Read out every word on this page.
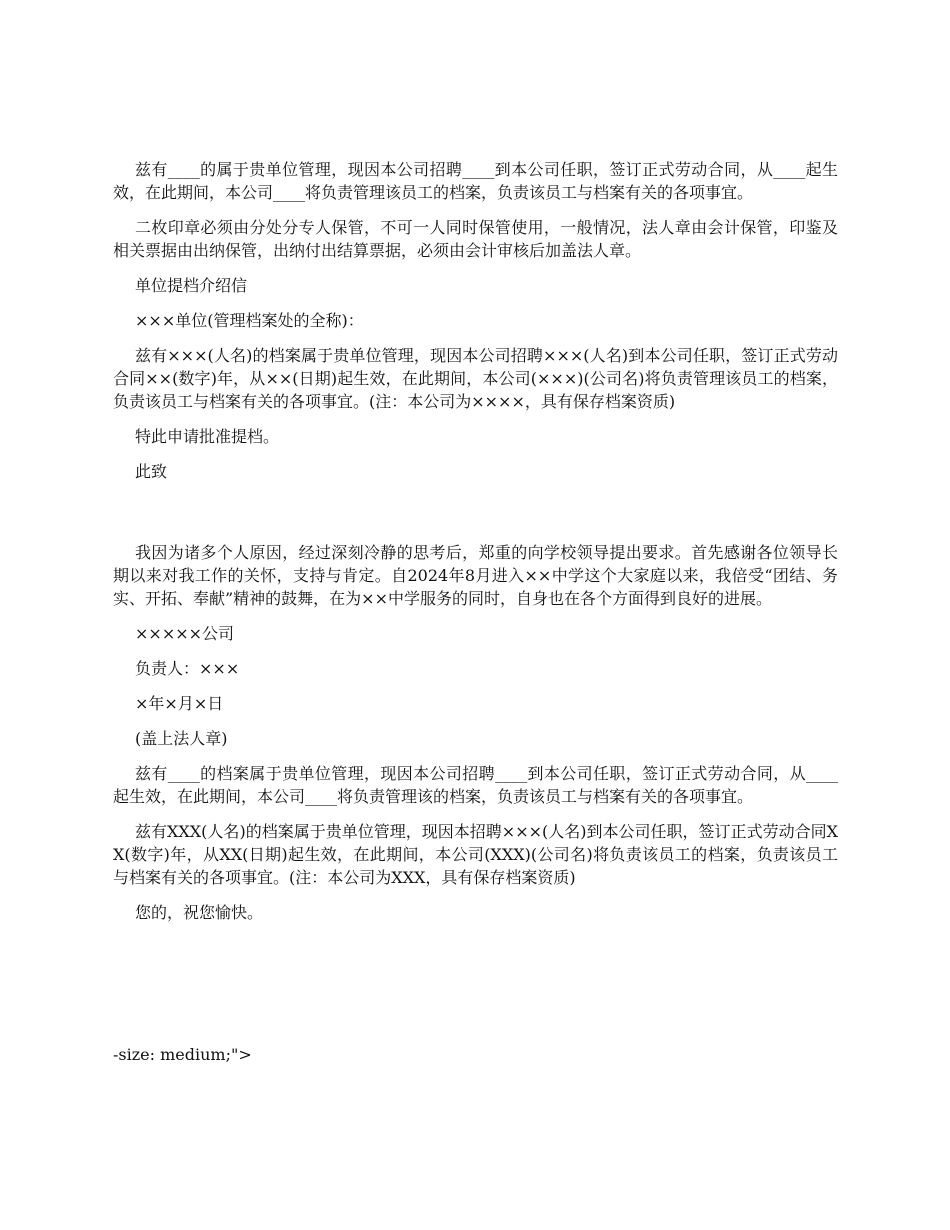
兹有____的属于贵单位管理，现因本公司招聘____到本公司任职，签订正式劳动合同，从____起生效，在此期间，本公司____将负责管理该员工的档案，负责该员工与档案有关的各项事宜。

二枚印章必须由分处分专人保管，不可一人同时保管使用，一般情况，法人章由会计保管，印鉴及相关票据由出纳保管，出纳付出结算票据，必须由会计审核后加盖法人章。

单位提档介绍信

×××单位(管理档案处的全称)：

兹有×××(人名)的档案属于贵单位管理，现因本公司招聘×××(人名)到本公司任职，签订正式劳动合同××(数字)年，从××(日期)起生效，在此期间，本公司(×××)(公司名)将负责管理该员工的档案，负责该员工与档案有关的各项事宜。(注：本公司为××××，具有保存档案资质)

特此申请批准提档。

此致

我因为诸多个人原因，经过深刻冷静的思考后，郑重的向学校领导提出要求。首先感谢各位领导长期以来对我工作的关怀，支持与肯定。自2024年8月进入××中学这个大家庭以来，我倍受“团结、务实、开拓、奉献”精神的鼓舞，在为××中学服务的同时，自身也在各个方面得到良好的进展。

×××××公司

负责人：×××

×年×月×日

(盖上法人章)

兹有____的档案属于贵单位管理，现因本公司招聘____到本公司任职，签订正式劳动合同，从____起生效，在此期间，本公司____将负责管理该的档案，负责该员工与档案有关的各项事宜。

兹有XXX(人名)的档案属于贵单位管理，现因本招聘×××(人名)到本公司任职，签订正式劳动合同XX(数字)年，从XX(日期)起生效，在此期间，本公司(XXX)(公司名)将负责该员工的档案，负责该员工与档案有关的各项事宜。(注：本公司为XXX，具有保存档案资质)

您的，祝您愉快。

-size: medium;">
